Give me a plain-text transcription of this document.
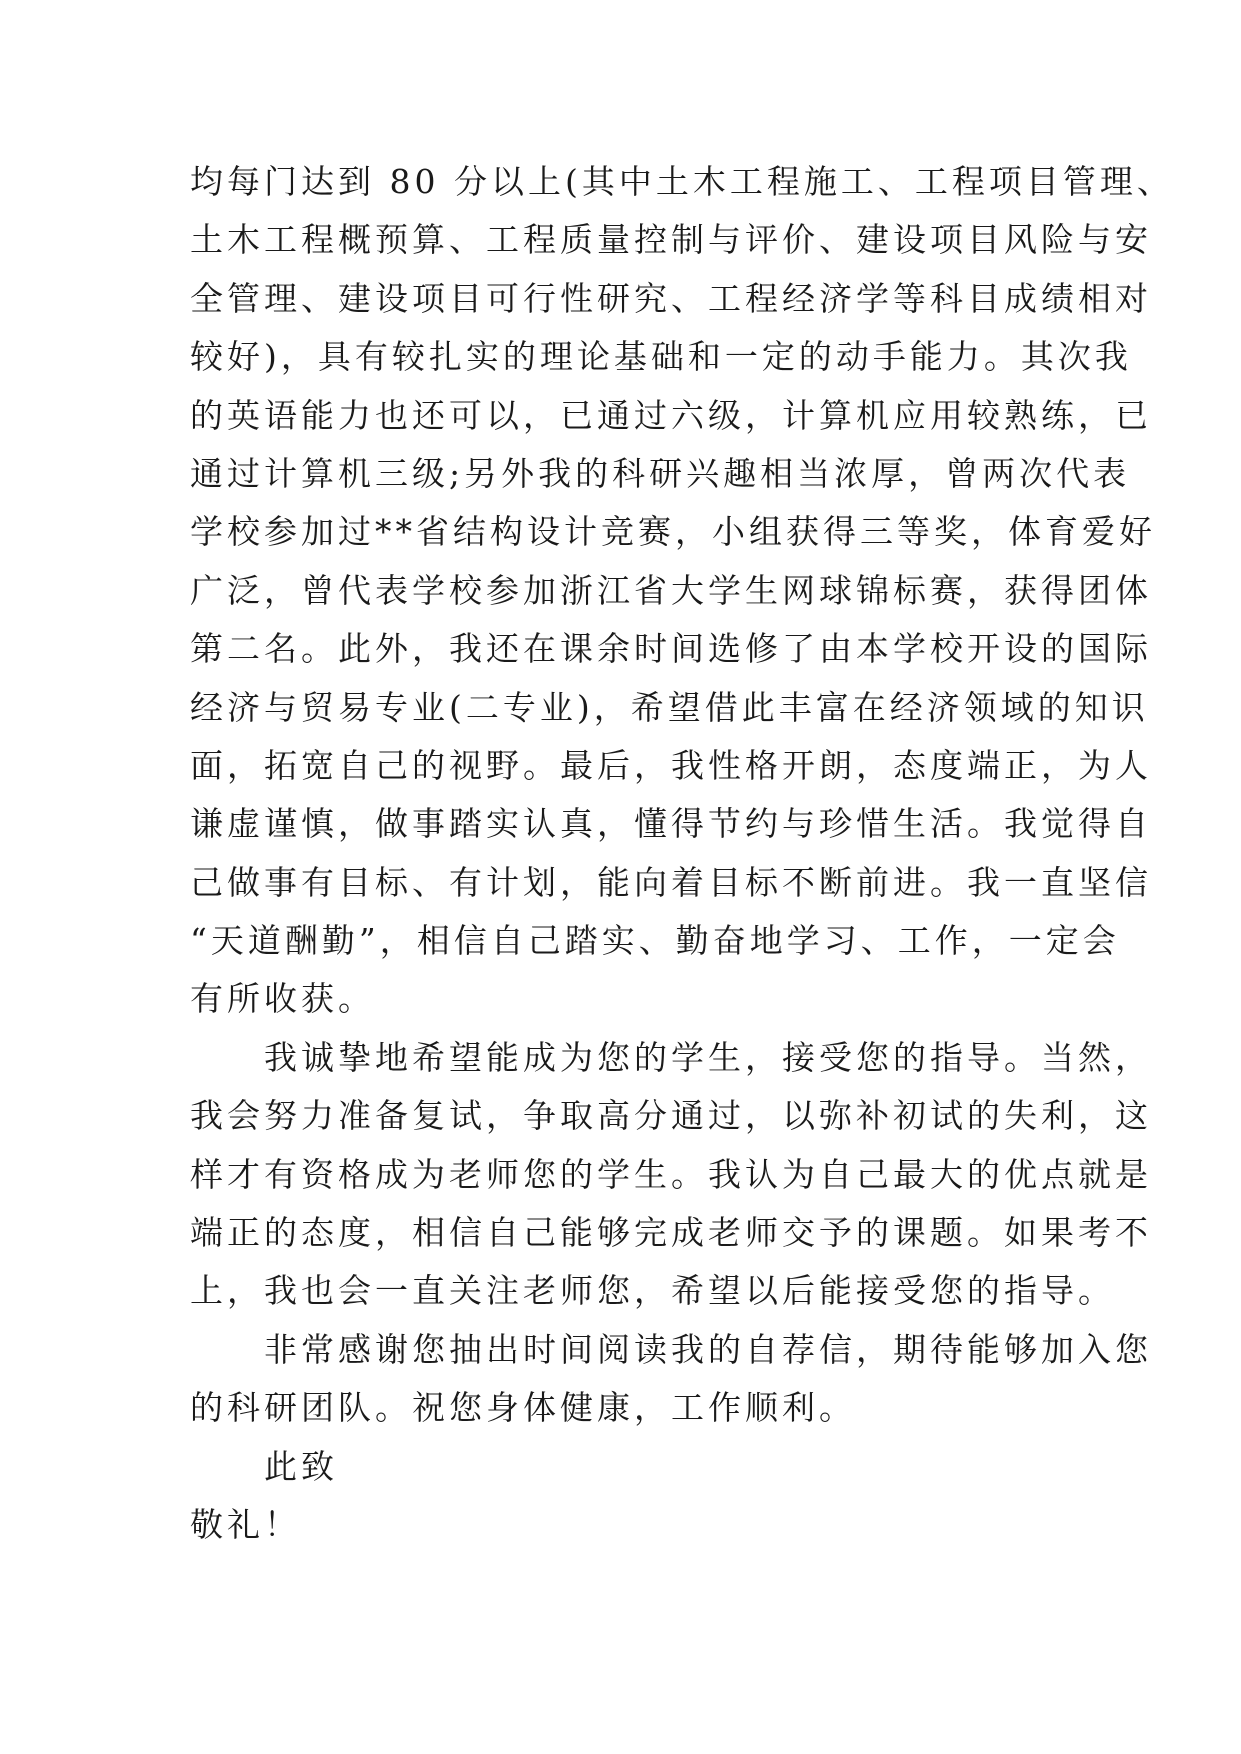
均每门达到 80 分以上(其中土木工程施工、工程项目管理、
土木工程概预算、工程质量控制与评价、建设项目风险与安
全管理、建设项目可行性研究、工程经济学等科目成绩相对
较好)，具有较扎实的理论基础和一定的动手能力。其次我
的英语能力也还可以，已通过六级，计算机应用较熟练，已
通过计算机三级;另外我的科研兴趣相当浓厚，曾两次代表
学校参加过**省结构设计竞赛，小组获得三等奖，体育爱好
广泛，曾代表学校参加浙江省大学生网球锦标赛，获得团体
第二名。此外，我还在课余时间选修了由本学校开设的国际
经济与贸易专业(二专业)，希望借此丰富在经济领域的知识
面，拓宽自己的视野。最后，我性格开朗，态度端正，为人
谦虚谨慎，做事踏实认真，懂得节约与珍惜生活。我觉得自
己做事有目标、有计划，能向着目标不断前进。我一直坚信
“天道酬勤”，相信自己踏实、勤奋地学习、工作，一定会
有所收获。
　　我诚挚地希望能成为您的学生，接受您的指导。当然，
我会努力准备复试，争取高分通过，以弥补初试的失利，这
样才有资格成为老师您的学生。我认为自己最大的优点就是
端正的态度，相信自己能够完成老师交予的课题。如果考不
上，我也会一直关注老师您，希望以后能接受您的指导。
　　非常感谢您抽出时间阅读我的自荐信，期待能够加入您
的科研团队。祝您身体健康，工作顺利。
　　此致
敬礼！
